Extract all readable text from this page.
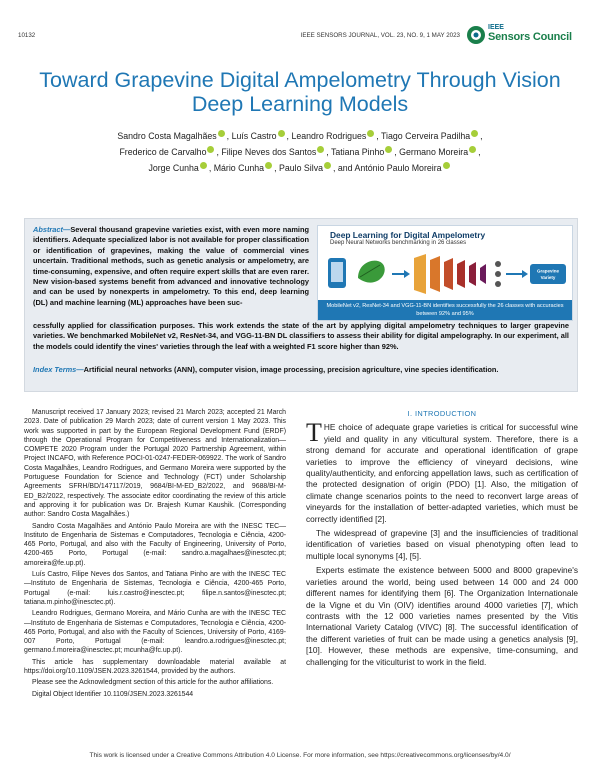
10132	IEEE SENSORS JOURNAL, VOL. 23, NO. 9, 1 MAY 2023
IEEE
Sensors Council
Toward Grapevine Digital Ampelometry Through Vision Deep Learning Models
Sandro Costa Magalhães , Luís Castro , Leandro Rodrigues , Tiago Cerveira Padilha ,
Frederico de Carvalho , Filipe Neves dos Santos , Tatiana Pinho , Germano Moreira ,
Jorge Cunha , Mário Cunha , Paulo Silva , and António Paulo Moreira
Abstract—Several thousand grapevine varieties exist, with even more naming identifiers. Adequate specialized labor is not available for proper classification or identification of grapevines, making the value of commercial vines uncertain. Traditional methods, such as genetic analysis or ampelometry, are time-consuming, expensive, and often require expert skills that are even rarer. New vision-based systems benefit from advanced and innovative technology and can be used by nonexperts in ampelometry. To this end, deep learning (DL) and machine learning (ML) approaches have been suc-
Deep Learning for Digital Ampelometry
Deep Neural Networks benchmarking in 26 classes
Grapevine
Variety
MobileNet v2, ResNet-34 and VGG-11-BN identifies successfully the 26 classes with accuracies between 92% and 95%
cessfully applied for classification purposes. This work extends the state of the art by applying digital ampelometry techniques to larger grapevine varieties. We benchmarked MobileNet v2, ResNet-34, and VGG-11-BN DL classifiers to assess their ability for digital ampelography. In our experiment, all the models could identify the vines' varieties through the leaf with a weighted F1 score higher than 92%.
Index Terms—Artificial neural networks (ANN), computer vision, image processing, precision agriculture, vine species identification.

Manuscript received 17 January 2023; revised 21 March 2023; accepted 21 March 2023. Date of publication 29 March 2023; date of current version 1 May 2023. This work was supported in part by the European Regional Development Fund (ERDF) through the Operational Program for Competitiveness and Internationalization—COMPETE 2020 Program under the Portugal 2020 Partnership Agreement, within Project INCAFO, with Reference POCI-01-0247-FEDER-069922. The work of Sandro Costa Magalhães, Leandro Rodrigues, and Germano Moreira were supported by the Portuguese Foundation for Science and Technology (FCT) under Scholarship Agreements SFRH/BD/147117/2019, 9684/BI-M-ED_B2/2022, and 9688/BI-M-ED_B2/2022, respectively. The associate editor coordinating the review of this article and approving it for publication was Dr. Brajesh Kumar Kaushik. (Corresponding author: Sandro Costa Magalhães.)

Sandro Costa Magalhães and António Paulo Moreira are with the INESC TEC—Instituto de Engenharia de Sistemas e Computadores, Tecnologia e Ciência, 4200-465 Porto, Portugal, and also with the Faculty of Engineering, University of Porto, 4200-465 Porto, Portugal (e-mail: sandro.a.magalhaes@inesctec.pt; amoreira@fe.up.pt).

Luís Castro, Filipe Neves dos Santos, and Tatiana Pinho are with the INESC TEC—Instituto de Engenharia de Sistemas, Tecnologia e Ciência, 4200-465 Porto, Portugal (e-mail: luis.r.castro@inesctec.pt; filipe.n.santos@inesctec.pt; tatiana.m.pinho@inesctec.pt).

Leandro Rodrigues, Germano Moreira, and Mário Cunha are with the INESC TEC—Instituto de Engenharia de Sistemas e Computadores, Tecnologia e Ciência, 4200-465 Porto, Portugal, and also with the Faculty of Sciences, University of Porto, 4169-007 Porto, Portugal (e-mail: leandro.a.rodrigues@inesctec.pt; germano.f.moreira@inesctec.pt; mcunha@fc.up.pt).

This article has supplementary downloadable material available at https://doi.org/10.1109/JSEN.2023.3261544, provided by the authors.

Please see the Acknowledgment section of this article for the author affiliations.

Digital Object Identifier 10.1109/JSEN.2023.3261544

I. INTRODUCTION

THE choice of adequate grape varieties is critical for successful wine yield and quality in any viticultural system. Therefore, there is a strong demand for accurate and operational identification of grape varieties to improve the efficiency of vineyard decisions, wine quality/authenticity, and enforcing appellation laws, such as certification of the protected designation of origin (PDO) [1]. Also, the mitigation of climate change scenarios points to the need to reconvert large areas of vineyards for the installation of better-adapted varieties, which must be correctly identified [2].

The widespread of grapevine [3] and the insufficiencies of traditional identification of varieties based on visual phenotyping often lead to multiple local synonyms [4], [5].

Experts estimate the existence between 5000 and 8000 grapevine's varieties around the world, being used between 14 000 and 24 000 different names for identifying them [6]. The Organization Internationale de la Vigne et du Vin (OIV) identifies around 4000 varieties [7], which contrasts with the 12 000 varieties names presented by the Vitis International Variety Catalog (VIVC) [8]. The successful identification of the different varieties of fruit can be made using a genetics analysis [9], [10]. However, these methods are expensive, time-consuming, and challenging for the viticulturist to work in the field.

This work is licensed under a Creative Commons Attribution 4.0 License. For more information, see https://creativecommons.org/licenses/by/4.0/
